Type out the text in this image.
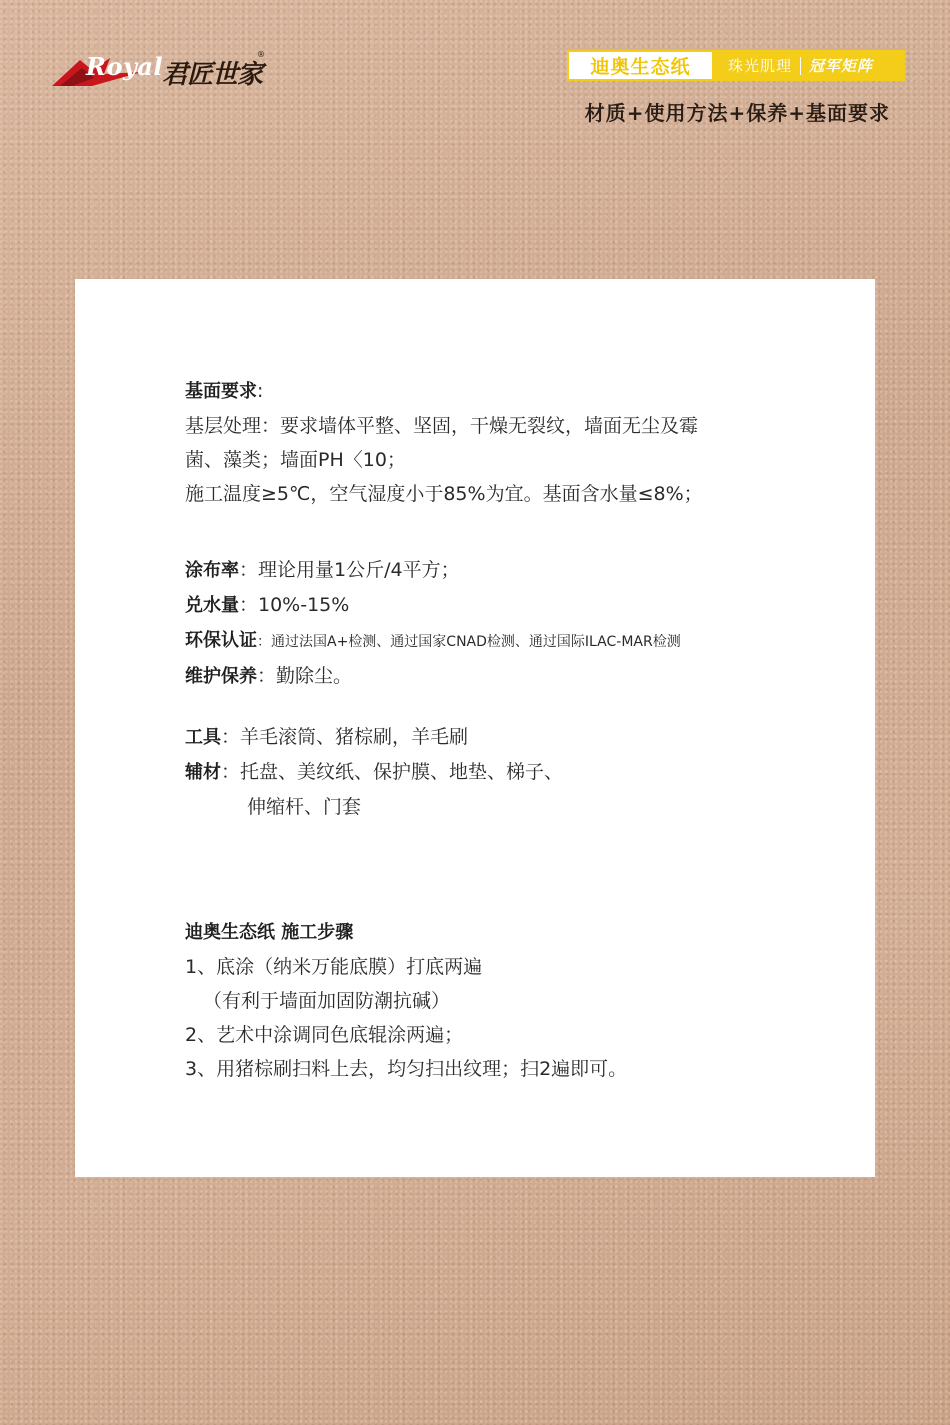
Royal
君匠世家
®
迪奥生态纸	珠光肌理 冠军矩阵
材质+使用方法+保养+基面要求
基面要求:
基层处理：要求墙体平整、坚固，干燥无裂纹，墙面无尘及霉
菌、藻类；墙面PH〈10；
施工温度≥5℃，空气湿度小于85%为宜。基面含水量≤8%；
涂布率：理论用量1公斤/4平方；
兑水量：10%-15%
环保认证：通过法国A+检测、通过国家CNAD检测、通过国际ILAC-MAR检测
维护保养：勤除尘。
工具：羊毛滚筒、猪棕刷，羊毛刷
辅材：托盘、美纹纸、保护膜、地垫、梯子、
伸缩杆、门套
迪奥生态纸 施工步骤
1、底涂（纳米万能底膜）打底两遍
（有利于墙面加固防潮抗碱）
2、艺术中涂调同色底辊涂两遍；
3、用猪棕刷扫料上去，均匀扫出纹理；扫2遍即可。
